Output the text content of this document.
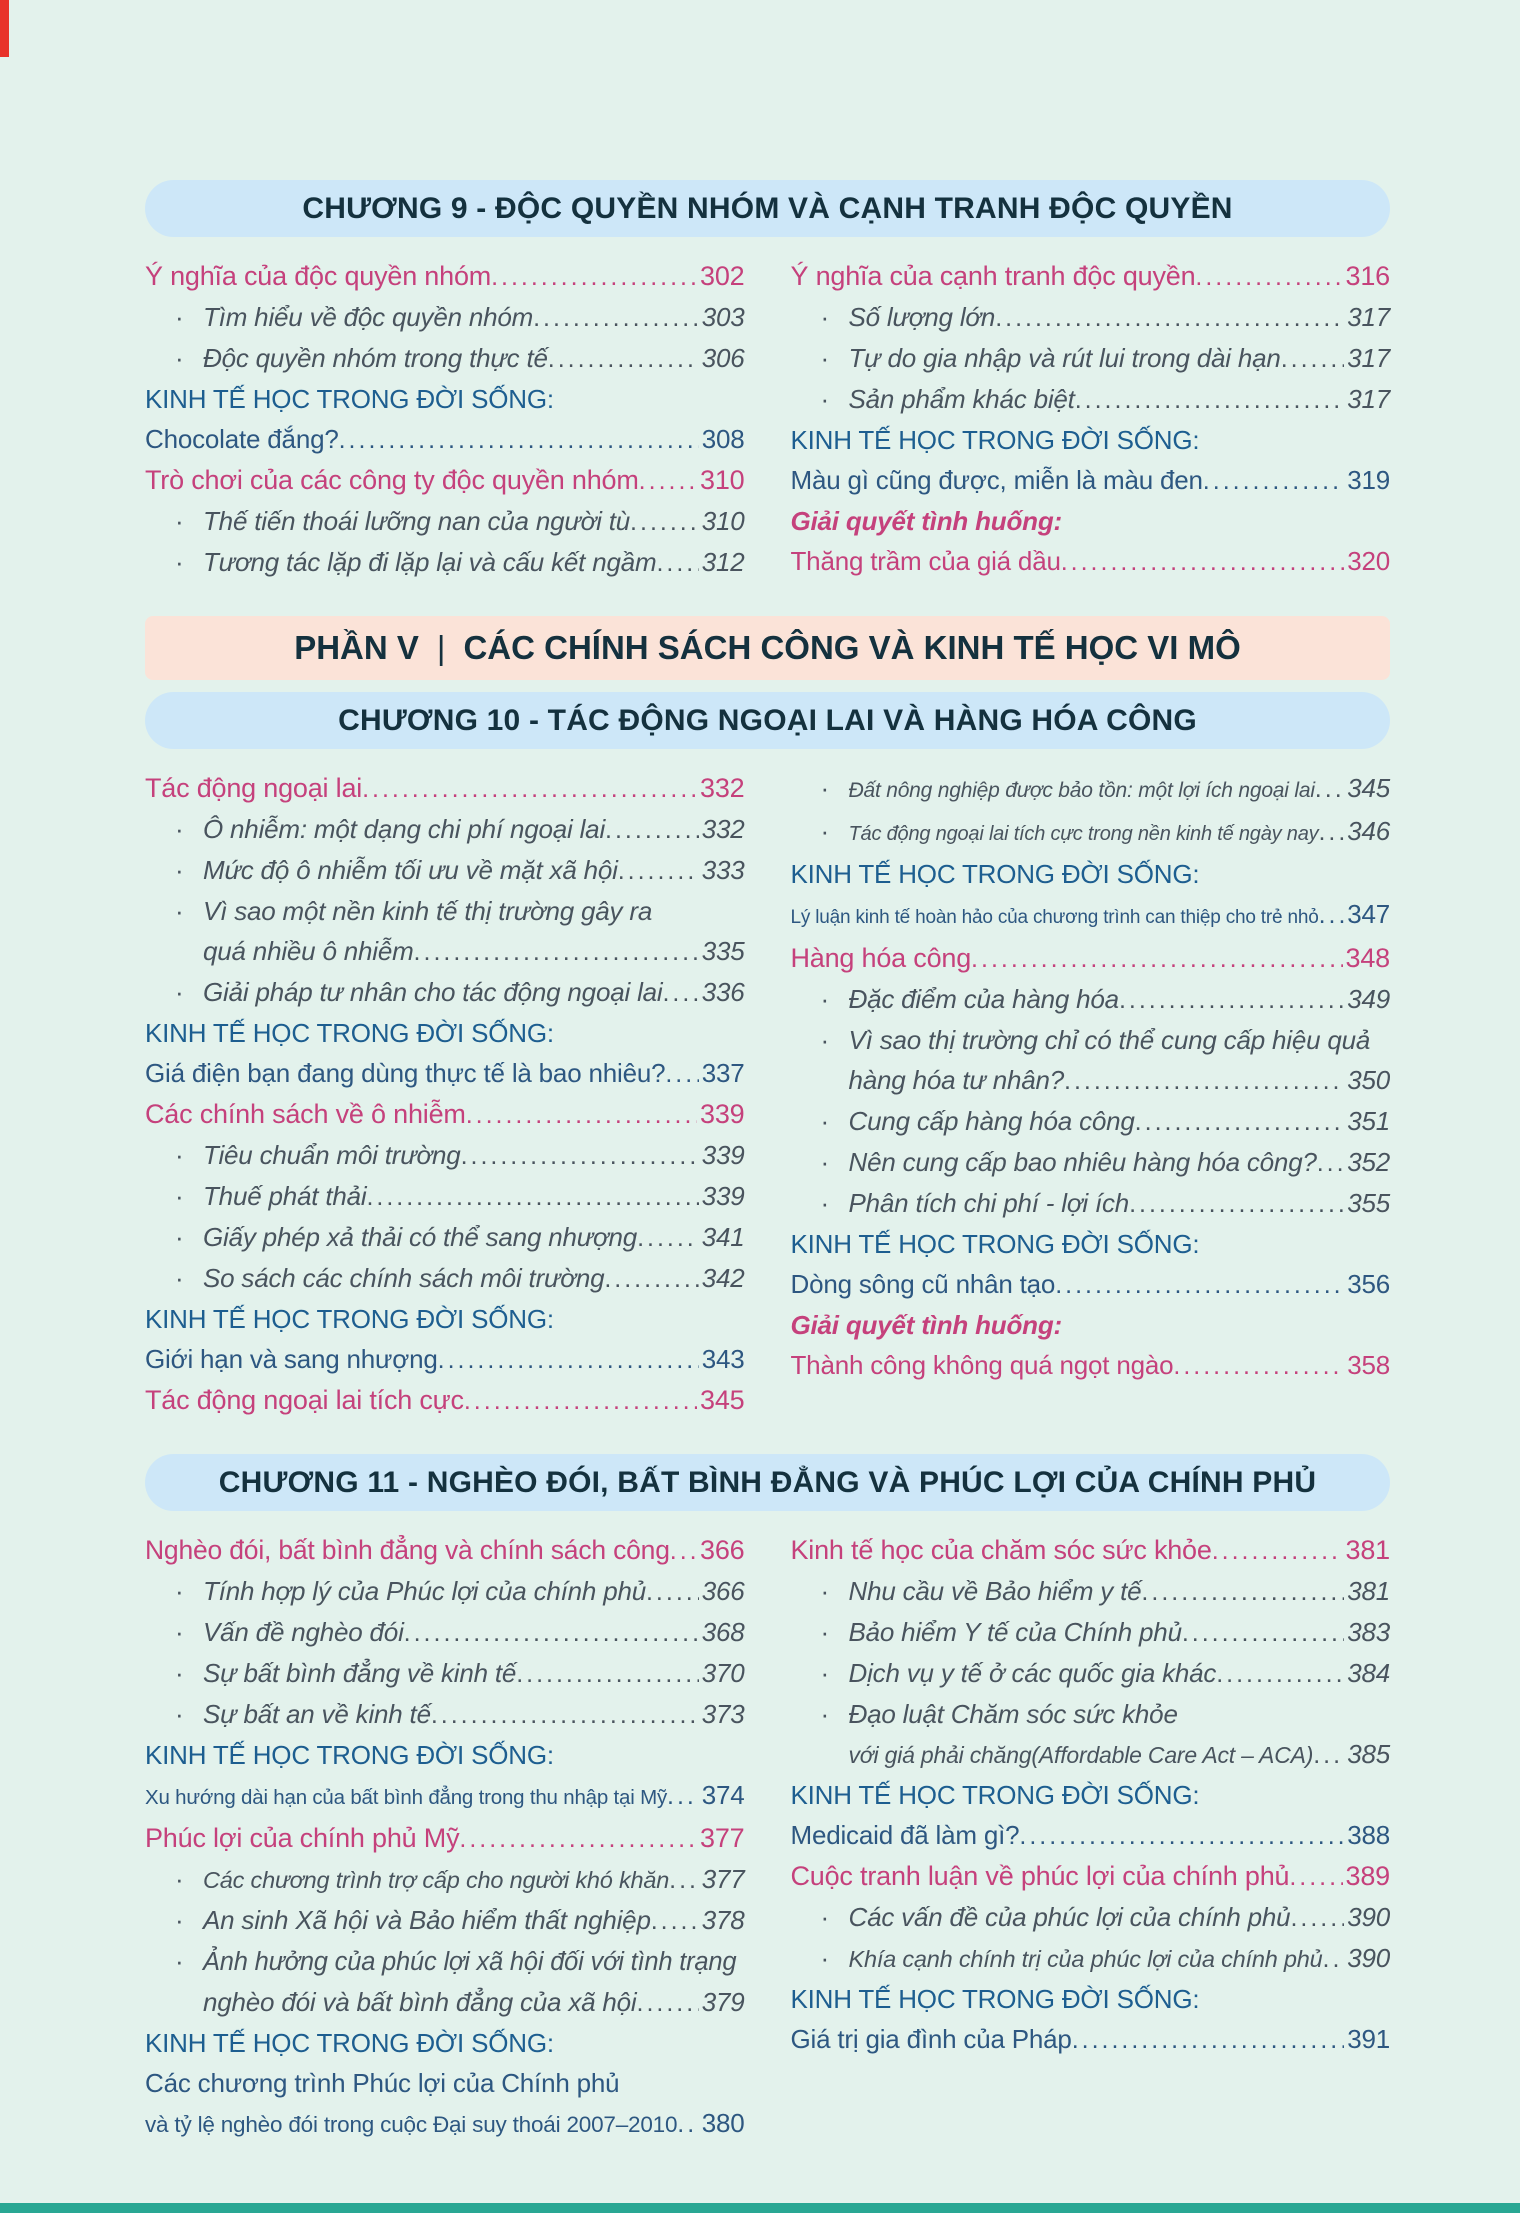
CHƯƠNG 9 - ĐỘC QUYỀN NHÓM VÀ CẠNH TRANH ĐỘC QUYỀN
Ý nghĩa của độc quyền nhóm .....	302
· Tìm hiểu về độc quyền nhóm .....	303
· Độc quyền nhóm trong thực tế .....	306
KINH TẾ HỌC TRONG ĐỜI SỐNG:
Chocolate đắng? .....	308
Trò chơi của các công ty độc quyền nhóm ..... 310
· Thế tiến thoái lưỡng nan của người tù .....	310
· Tương tác lặp đi lặp lại và cấu kết ngầm ..... 312
Ý nghĩa của cạnh tranh độc quyền .....	316
· Số lượng lớn .....	317
· Tự do gia nhập và rút lui trong dài hạn .....	317
· Sản phẩm khác biệt .....	317
KINH TẾ HỌC TRONG ĐỜI SỐNG:
Màu gì cũng được, miễn là màu đen .....	319
Giải quyết tình huống:
Thăng trầm của giá dầu .....	320
PHẦN V | CÁC CHÍNH SÁCH CÔNG VÀ KINH TẾ HỌC VI MÔ
CHƯƠNG 10 - TÁC ĐỘNG NGOẠI LAI VÀ HÀNG HÓA CÔNG
Tác động ngoại lai .....	332
· Ô nhiễm: một dạng chi phí ngoại lai .....	332
· Mức độ ô nhiễm tối ưu về mặt xã hội .....	333
· Vì sao một nền kinh tế thị trường gây ra
quá nhiều ô nhiễm .....	335
· Giải pháp tư nhân cho tác động ngoại lai ..... 336
KINH TẾ HỌC TRONG ĐỜI SỐNG:
Giá điện bạn đang dùng thực tế là bao nhiêu? ..... 337
Các chính sách về ô nhiễm .....	339
· Tiêu chuẩn môi trường .....	339
· Thuế phát thải .....	339
· Giấy phép xả thải có thể sang nhượng ..... 341
· So sách các chính sách môi trường .....	342
KINH TẾ HỌC TRONG ĐỜI SỐNG:
Giới hạn và sang nhượng .....	343
Tác động ngoại lai tích cực .....	345
· Đất nông nghiệp được bảo tồn: một lợi ích ngoại lai ..... 345
· Tác động ngoại lai tích cực trong nền kinh tế ngày nay ..... 346
KINH TẾ HỌC TRONG ĐỜI SỐNG:
Lý luận kinh tế hoàn hảo của chương trình can thiệp cho trẻ nhỏ ..... 347
Hàng hóa công .....	348
· Đặc điểm của hàng hóa .....	349
· Vì sao thị trường chỉ có thể cung cấp hiệu quả
hàng hóa tư nhân? .....	350
· Cung cấp hàng hóa công .....	351
· Nên cung cấp bao nhiêu hàng hóa công? ..... 352
· Phân tích chi phí - lợi ích .....	355
KINH TẾ HỌC TRONG ĐỜI SỐNG:
Dòng sông cũ nhân tạo .....	356
Giải quyết tình huống:
Thành công không quá ngọt ngào .....	358
CHƯƠNG 11 - NGHÈO ĐÓI, BẤT BÌNH ĐẲNG VÀ PHÚC LỢI CỦA CHÍNH PHỦ
Nghèo đói, bất bình đẳng và chính sách công ..... 366
· Tính hợp lý của Phúc lợi của chính phủ ..... 366
· Vấn đề nghèo đói .....	368
· Sự bất bình đẳng về kinh tế .....	370
· Sự bất an về kinh tế .....	373
KINH TẾ HỌC TRONG ĐỜI SỐNG:
Xu hướng dài hạn của bất bình đẳng trong thu nhập tại Mỹ ..... 374
Phúc lợi của chính phủ Mỹ .....	377
· Các chương trình trợ cấp cho người khó khăn ..... 377
· An sinh Xã hội và Bảo hiểm thất nghiệp ..... 378
· Ảnh hưởng của phúc lợi xã hội đối với tình trạng
nghèo đói và bất bình đẳng của xã hội .....	379
KINH TẾ HỌC TRONG ĐỜI SỐNG:
Các chương trình Phúc lợi của Chính phủ
và tỷ lệ nghèo đói trong cuộc Đại suy thoái 2007–2010 ..... 380
Kinh tế học của chăm sóc sức khỏe .....	381
· Nhu cầu về Bảo hiểm y tế .....	381
· Bảo hiểm Y tế của Chính phủ .....	383
· Dịch vụ y tế ở các quốc gia khác .....	384
· Đạo luật Chăm sóc sức khỏe
với giá phải chăng(Affordable Care Act – ACA) ..... 385
KINH TẾ HỌC TRONG ĐỜI SỐNG:
Medicaid đã làm gì? .....	388
Cuộc tranh luận về phúc lợi của chính phủ ..... 389
· Các vấn đề của phúc lợi của chính phủ ..... 390
· Khía cạnh chính trị của phúc lợi của chính phủ ..... 390
KINH TẾ HỌC TRONG ĐỜI SỐNG:
Giá trị gia đình của Pháp .....	391
